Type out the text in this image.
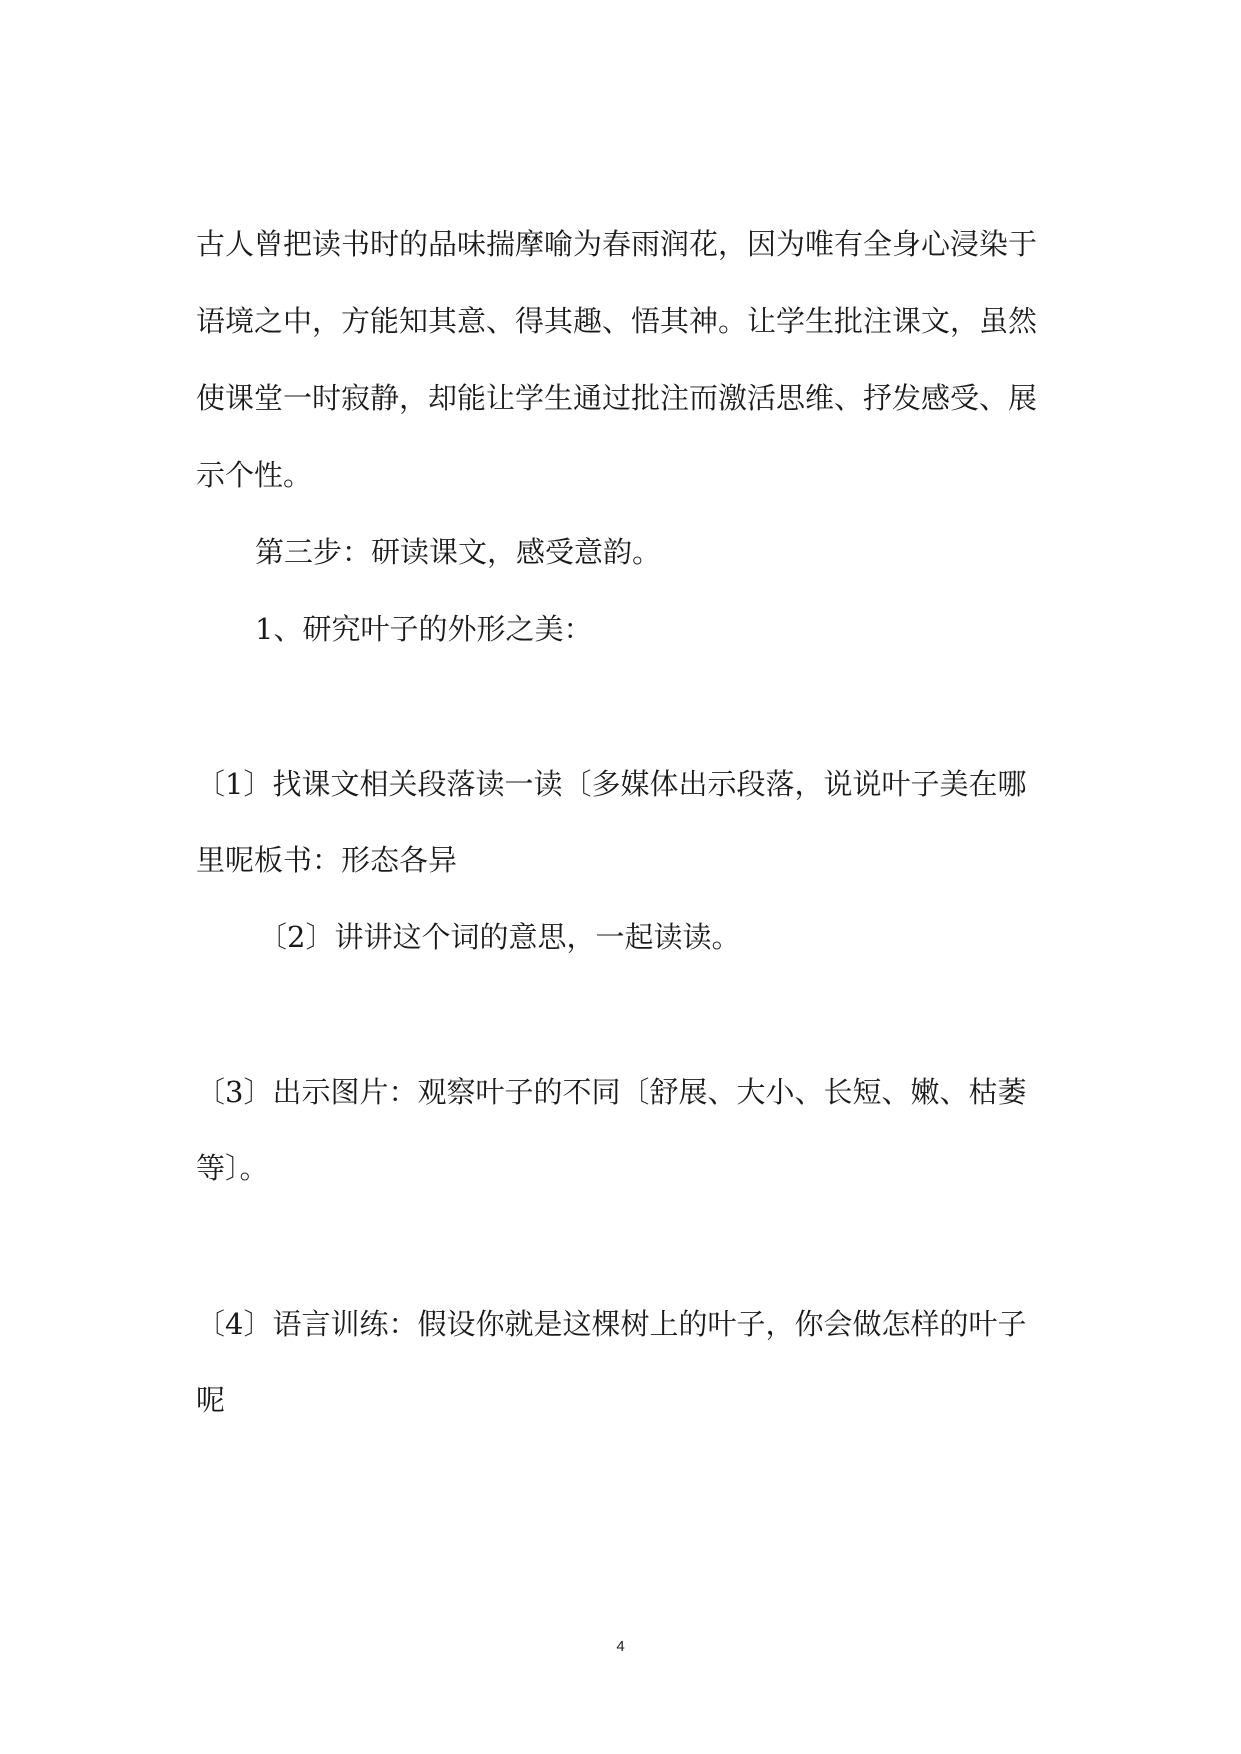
古人曾把读书时的品味揣摩喻为春雨润花，因为唯有全身心浸染于
语境之中，方能知其意、得其趣、悟其神。让学生批注课文，虽然
使课堂一时寂静，却能让学生通过批注而激活思维、抒发感受、展
示个性。
第三步：研读课文，感受意韵。
1、研究叶子的外形之美：
〔1〕找课文相关段落读一读〔多媒体出示段落，说说叶子美在哪
里呢板书：形态各异
〔2〕讲讲这个词的意思，一起读读。
〔3〕出示图片：观察叶子的不同〔舒展、大小、长短、嫩、枯萎
等〕。
〔4〕语言训练：假设你就是这棵树上的叶子，你会做怎样的叶子
呢
4
